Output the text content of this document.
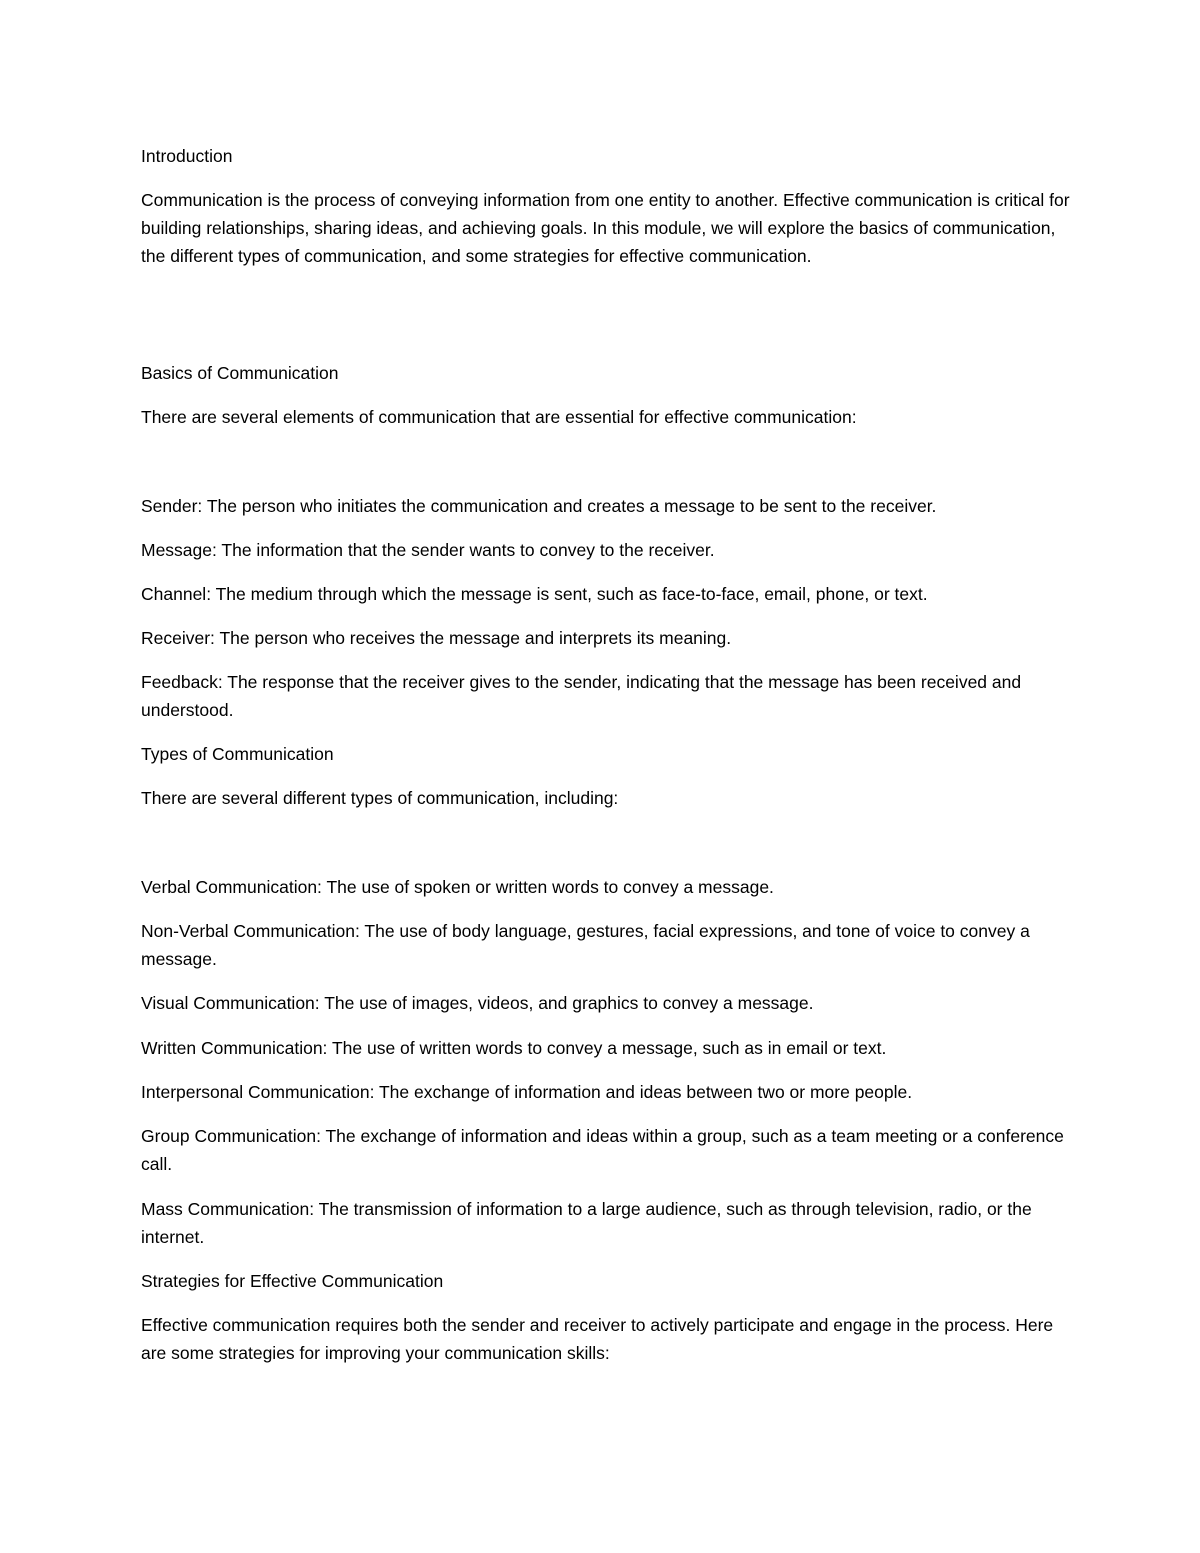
Introduction

Communication is the process of conveying information from one entity to another. Effective communication is critical for building relationships, sharing ideas, and achieving goals. In this module, we will explore the basics of communication, the different types of communication, and some strategies for effective communication.

Basics of Communication

There are several elements of communication that are essential for effective communication:

Sender: The person who initiates the communication and creates a message to be sent to the receiver.

Message: The information that the sender wants to convey to the receiver.

Channel: The medium through which the message is sent, such as face-to-face, email, phone, or text.

Receiver: The person who receives the message and interprets its meaning.

Feedback: The response that the receiver gives to the sender, indicating that the message has been received and understood.

Types of Communication

There are several different types of communication, including:

Verbal Communication: The use of spoken or written words to convey a message.

Non-Verbal Communication: The use of body language, gestures, facial expressions, and tone of voice to convey a message.

Visual Communication: The use of images, videos, and graphics to convey a message.

Written Communication: The use of written words to convey a message, such as in email or text.

Interpersonal Communication: The exchange of information and ideas between two or more people.

Group Communication: The exchange of information and ideas within a group, such as a team meeting or a conference call.

Mass Communication: The transmission of information to a large audience, such as through television, radio, or the internet.

Strategies for Effective Communication

Effective communication requires both the sender and receiver to actively participate and engage in the process. Here are some strategies for improving your communication skills:
